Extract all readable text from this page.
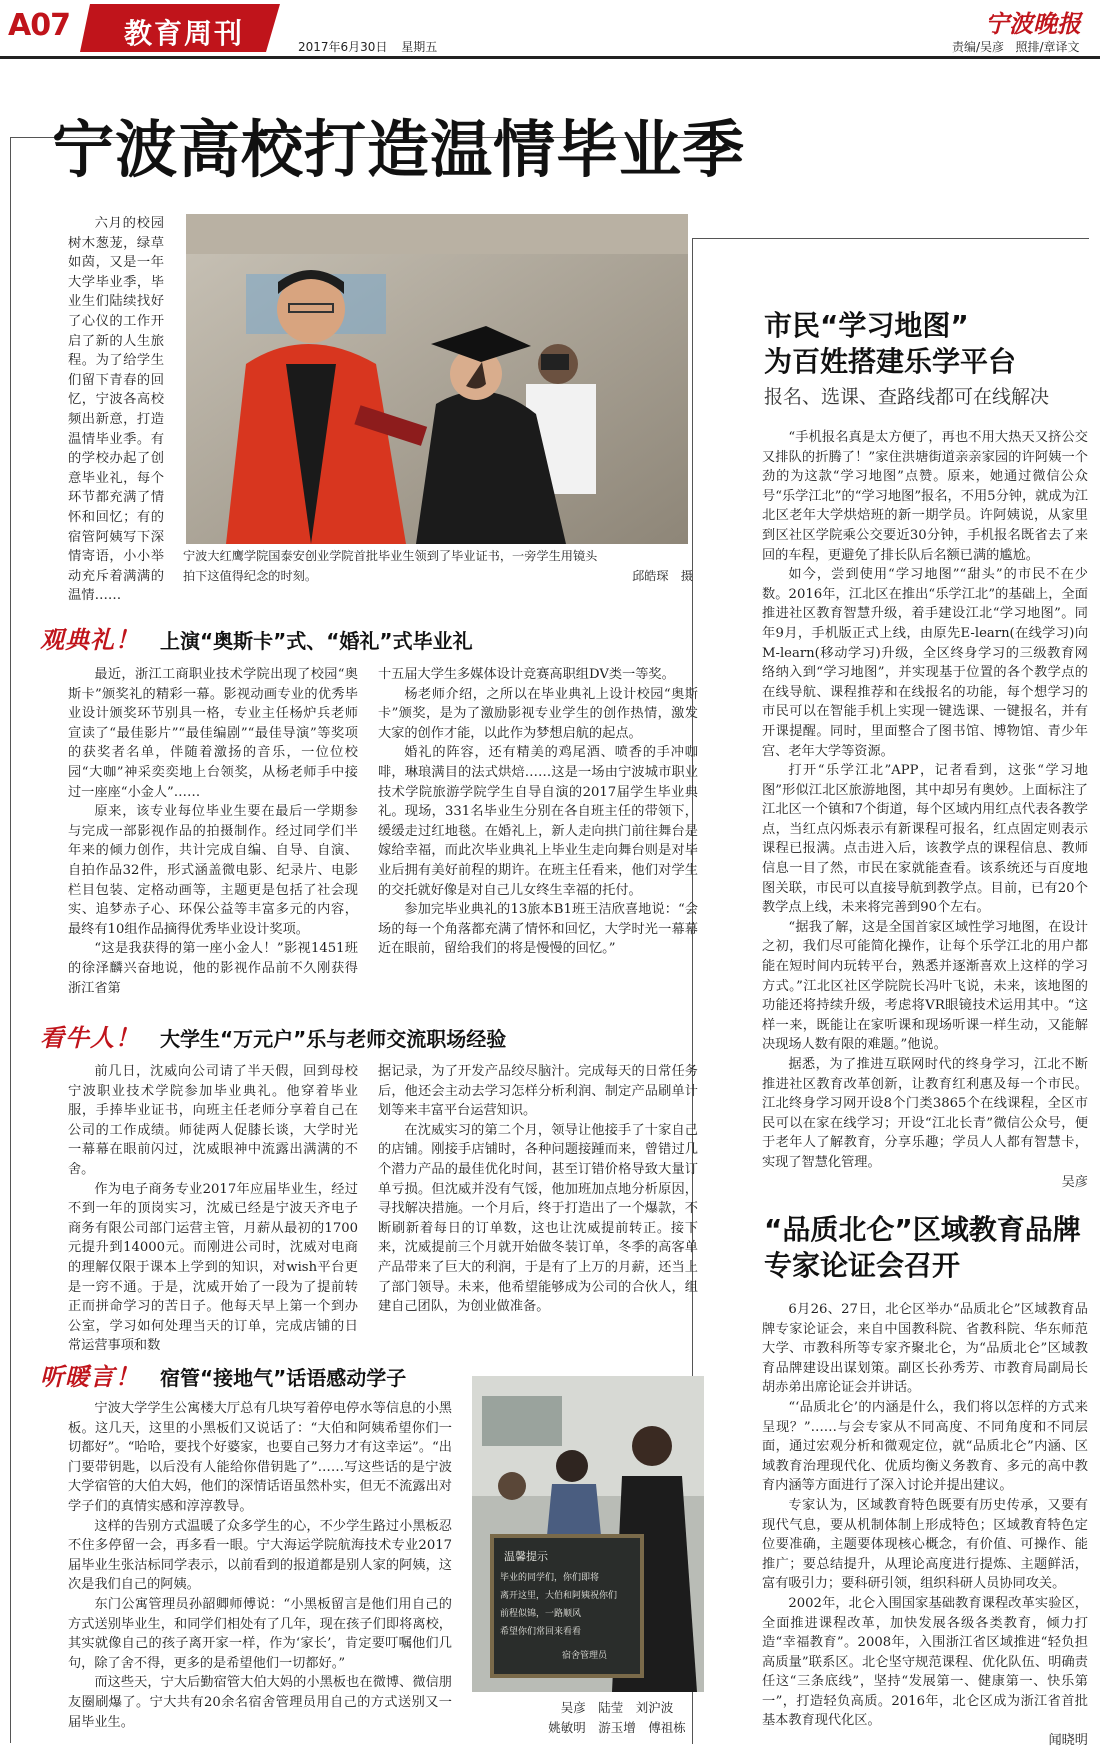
A07 教育周刊	2017年6月30日 星期五
宁波晚报
责编/吴彦   照排/章译文
宁波高校打造温情毕业季

六月的校园树木葱茏，绿草如茵，又是一年大学毕业季，毕业生们陆续找好了心仪的工作开启了新的人生旅程。为了给学生们留下青春的回忆，宁波各高校频出新意，打造温情毕业季。有的学校办起了创意毕业礼，每个环节都充满了情怀和回忆；有的宿管阿姨写下深情寄语，小小举动充斥着满满的温情……

宁波大红鹰学院国泰安创业学院首批毕业生领到了毕业证书，一旁学生用镜头
拍下这值得纪念的时刻。	邱皓琛　摄
观典礼！ 上演“奥斯卡”式、“婚礼”式毕业礼

最近，浙江工商职业技术学院出现了校园“奥斯卡”颁奖礼的精彩一幕。影视动画专业的优秀毕业设计颁奖环节别具一格，专业主任杨炉兵老师宣读了“最佳影片”“最佳编剧”“最佳导演”等奖项的获奖者名单，伴随着激扬的音乐，一位位校园“大咖”神采奕奕地上台领奖，从杨老师手中接过一座座“小金人”……

原来，该专业每位毕业生要在最后一学期参与完成一部影视作品的拍摄制作。经过同学们半年来的倾力创作，共计完成自编、自导、自演、自拍作品32件，形式涵盖微电影、纪录片、电影栏目包装、定格动画等，主题更是包括了社会现实、追梦赤子心、环保公益等丰富多元的内容，最终有10组作品摘得优秀毕业设计奖项。

“这是我获得的第一座小金人！”影视1451班的徐泽麟兴奋地说，他的影视作品前不久刚获得浙江省第

十五届大学生多媒体设计竞赛高职组DV类一等奖。

杨老师介绍，之所以在毕业典礼上设计校园“奥斯卡”颁奖，是为了激励影视专业学生的创作热情，激发大家的创作才能，以此作为梦想启航的起点。

婚礼的阵容，还有精美的鸡尾酒、喷香的手冲咖啡，琳琅满目的法式烘焙……这是一场由宁波城市职业技术学院旅游学院学生自导自演的2017届学生毕业典礼。现场，331名毕业生分别在各自班主任的带领下，缓缓走过红地毯。在婚礼上，新人走向拱门前往舞台是嫁给幸福，而此次毕业典礼上毕业生走向舞台则是对毕业后拥有美好前程的期许。在班主任看来，他们对学生的交托就好像是对自己儿女终生幸福的托付。

参加完毕业典礼的13旅本B1班王洁欣喜地说：“会场的每一个角落都充满了情怀和回忆，大学时光一幕幕近在眼前，留给我们的将是慢慢的回忆。”

看牛人！ 大学生“万元户”乐与老师交流职场经验

前几日，沈威向公司请了半天假，回到母校宁波职业技术学院参加毕业典礼。他穿着毕业服，手捧毕业证书，向班主任老师分享着自己在公司的工作成绩。师徒两人促膝长谈，大学时光一幕幕在眼前闪过，沈威眼神中流露出满满的不舍。

作为电子商务专业2017年应届毕业生，经过不到一年的顶岗实习，沈威已经是宁波天齐电子商务有限公司部门运营主管，月薪从最初的1700元提升到14000元。而刚进公司时，沈威对电商的理解仅限于课本上学到的知识，对wish平台更是一窍不通。于是，沈威开始了一段为了提前转正而拼命学习的苦日子。他每天早上第一个到办公室，学习如何处理当天的订单，完成店铺的日常运营事项和数

据记录，为了开发产品绞尽脑汁。完成每天的日常任务后，他还会主动去学习怎样分析利润、制定产品刷单计划等来丰富平台运营知识。

在沈威实习的第二个月，领导让他接手了十家自己的店铺。刚接手店铺时，各种问题接踵而来，曾错过几个潜力产品的最佳优化时间，甚至订错价格导致大量订单亏损。但沈威并没有气馁，他加班加点地分析原因，寻找解决措施。一个月后，终于打造出了一个爆款，不断刷新着每日的订单数，这也让沈威提前转正。接下来，沈威提前三个月就开始做冬装订单，冬季的高客单产品带来了巨大的利润，于是有了上万的月薪，还当上了部门领导。未来，他希望能够成为公司的合伙人，组建自己团队，为创业做准备。

听暖言！ 宿管“接地气”话语感动学子

宁波大学学生公寓楼大厅总有几块写着停电停水等信息的小黑板。这几天，这里的小黑板们又说话了：“大伯和阿姨希望你们一切都好”。“哈哈，要找个好婆家，也要自己努力才有这幸运”。“出门要带钥匙，以后没有人能给你借钥匙了”……写这些话的是宁波大学宿管的大伯大妈，他们的深情话语虽然朴实，但无不流露出对学子们的真情实感和淳淳教导。

这样的告别方式温暖了众多学生的心，不少学生路过小黑板忍不住多停留一会，再多看一眼。宁大海运学院航海技术专业2017届毕业生张沽标同学表示，以前看到的报道都是别人家的阿姨，这次是我们自己的阿姨。

东门公寓管理员孙韶卿师傅说：“小黑板留言是他们用自己的方式送别毕业生，和同学们相处有了几年，现在孩子们即将离校，其实就像自己的孩子离开家一样，作为‘家长’，肯定要叮嘱他们几句，除了舍不得，更多的是希望他们一切都好。”

而这些天，宁大后勤宿管大伯大妈的小黑板也在微博、微信朋友圈刷爆了。宁大共有20余名宿舍管理员用自己的方式送别又一届毕业生。

温馨提示
毕业的同学们，你们即将
离开这里，大伯和阿姨祝你们
前程似锦，一路顺风
希望你们常回来看看
宿舍管理员
吴彦　陆莹　刘沪波
姚敏明　游玉增　傅祖栋
市民“学习地图”
为百姓搭建乐学平台
报名、选课、查路线都可在线解决

“手机报名真是太方便了，再也不用大热天又挤公交又排队的折腾了！”家住洪塘街道亲亲家园的许阿姨一个劲的为这款“学习地图”点赞。原来，她通过微信公众号“乐学江北”的“学习地图”报名，不用5分钟，就成为江北区老年大学烘焙班的新一期学员。许阿姨说，从家里到区社区学院乘公交要近30分钟，手机报名既省去了来回的车程，更避免了排长队后名额已满的尴尬。

如今，尝到使用“学习地图”“甜头”的市民不在少数。2016年，江北区在推出“乐学江北”的基础上，全面推进社区教育智慧升级，着手建设江北“学习地图”。同年9月，手机版正式上线，由原先E-learn(在线学习)向M-learn(移动学习)升级，全区终身学习的三级教育网络纳入到“学习地图”，并实现基于位置的各个教学点的在线导航、课程推荐和在线报名的功能，每个想学习的市民可以在智能手机上实现一键选课、一键报名，并有开课提醒。同时，里面整合了图书馆、博物馆、青少年宫、老年大学等资源。

打开“乐学江北”APP，记者看到，这张“学习地图”形似江北区旅游地图，其中却另有奥妙。上面标注了江北区一个镇和7个街道，每个区域内用红点代表各教学点，当红点闪烁表示有新课程可报名，红点固定则表示课程已报满。点击进入后，该教学点的课程信息、教师信息一目了然，市民在家就能查看。该系统还与百度地图关联，市民可以直接导航到教学点。目前，已有20个教学点上线，未来将完善到90个左右。

“据我了解，这是全国首家区域性学习地图，在设计之初，我们尽可能简化操作，让每个乐学江北的用户都能在短时间内玩转平台，熟悉并逐渐喜欢上这样的学习方式。”江北区社区学院院长冯叶飞说，未来，该地图的功能还将持续升级，考虑将VR眼镜技术运用其中。“这样一来，既能让在家听课和现场听课一样生动，又能解决现场人数有限的难题。”他说。

据悉，为了推进互联网时代的终身学习，江北不断推进社区教育改革创新，让教育红利惠及每一个市民。江北终身学习网开设8个门类3865个在线课程，全区市民可以在家在线学习；开设“江北长青”微信公众号，便于老年人了解教育，分享乐趣；学员人人都有智慧卡，实现了智慧化管理。

吴彦
“品质北仑”区域教育品牌
专家论证会召开

6月26、27日，北仑区举办“品质北仑”区域教育品牌专家论证会，来自中国教科院、省教科院、华东师范大学、市教科所等专家齐聚北仑，为“品质北仑”区域教育品牌建设出谋划策。副区长孙秀芳、市教育局副局长胡赤弟出席论证会并讲话。

“‘品质北仑’的内涵是什么，我们将以怎样的方式来呈现？”……与会专家从不同高度、不同角度和不同层面，通过宏观分析和微观定位，就“品质北仑”内涵、区域教育治理现代化、优质均衡义务教育、多元的高中教育内涵等方面进行了深入讨论并提出建议。

专家认为，区域教育特色既要有历史传承，又要有现代气息，要从机制体制上形成特色；区域教育特色定位要准确，主题要体现核心概念，有价值、可操作、能推广；要总结提升，从理论高度进行提炼、主题鲜活，富有吸引力；要科研引领，组织科研人员协同攻关。

2002年，北仑入围国家基础教育课程改革实验区，全面推进课程改革，加快发展各级各类教育，倾力打造“幸福教育”。2008年，入围浙江省区域推进“轻负担高质量”联系区。北仑坚守规范课程、优化队伍、明确责任这“三条底线”，坚持“发展第一、健康第一、快乐第一”，打造轻负高质。2016年，北仑区成为浙江省首批基本教育现代化区。

闻晓明
